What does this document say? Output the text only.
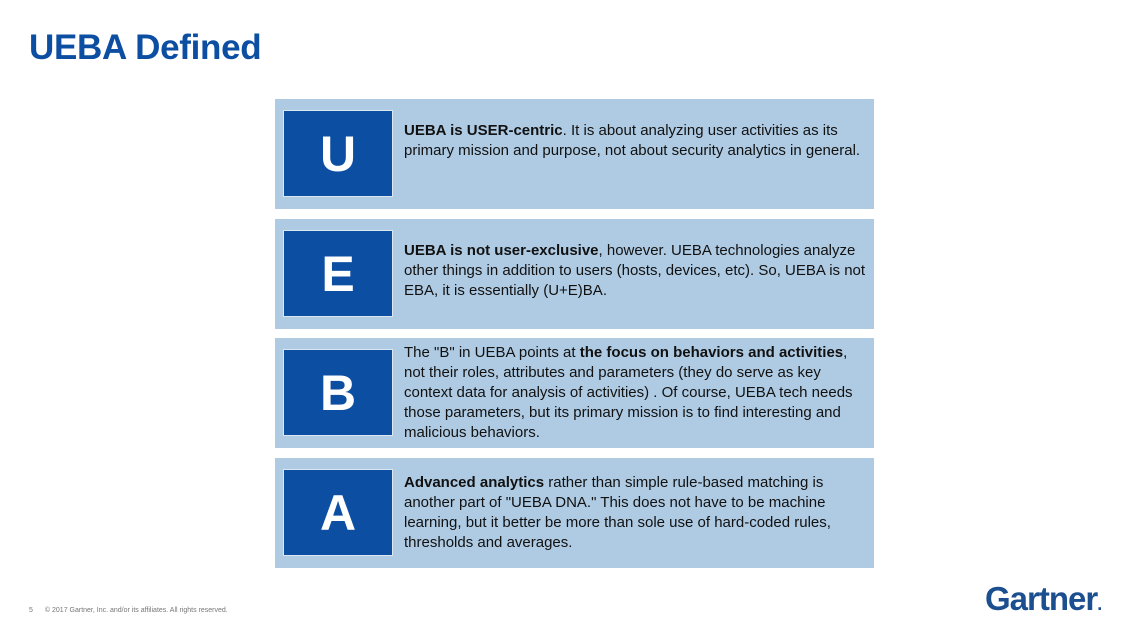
UEBA Defined
U	UEBA is USER-centric. It is about analyzing user activities as its primary mission and purpose, not about security analytics in general.
E	UEBA is not user-exclusive, however. UEBA technologies analyze other things in addition to users (hosts, devices, etc). So, UEBA is not EBA, it is essentially (U+E)BA.
B
The "B" in UEBA points at the focus on behaviors and activities, not their roles, attributes and parameters (they do serve as key context data for analysis of activities) . Of course, UEBA tech needs those parameters, but its primary mission is to find interesting and malicious behaviors.
A
Advanced analytics rather than simple rule-based matching is another part of "UEBA DNA." This does not have to be machine learning, but it better be more than sole use of hard-coded rules, thresholds and averages.
5 © 2017 Gartner, Inc. and/or its affiliates. All rights reserved.	Gartner.
